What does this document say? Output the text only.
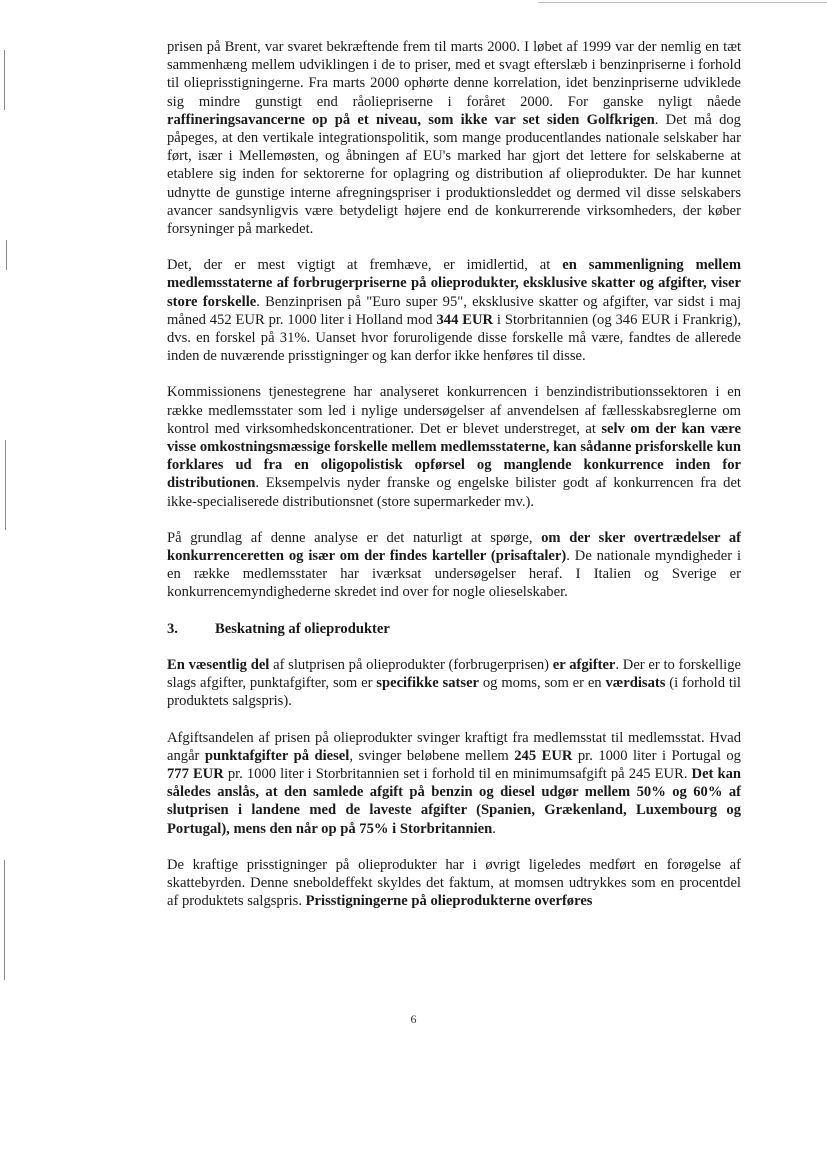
prisen på Brent, var svaret bekræftende frem til marts 2000. I løbet af 1999 var der nemlig en tæt sammenhæng mellem udviklingen i de to priser, med et svagt efterslæb i benzinpriserne i forhold til olieprisstigningerne. Fra marts 2000 ophørte denne korrelation, idet benzinpriserne udviklede sig mindre gunstigt end råoliepriserne i foråret 2000. For ganske nyligt nåede raffineringsavancerne op på et niveau, som ikke var set siden Golfkrigen. Det må dog påpeges, at den vertikale integrationspolitik, som mange producentlandes nationale selskaber har ført, især i Mellemøsten, og åbningen af EU's marked har gjort det lettere for selskaberne at etablere sig inden for sektorerne for oplagring og distribution af olieprodukter. De har kunnet udnytte de gunstige interne afregningspriser i produktionsleddet og dermed vil disse selskabers avancer sandsynligvis være betydeligt højere end de konkurrerende virksomheders, der køber forsyninger på markedet.

Det, der er mest vigtigt at fremhæve, er imidlertid, at en sammenligning mellem medlemsstaterne af forbrugerpriserne på olieprodukter, eksklusive skatter og afgifter, viser store forskelle. Benzinprisen på "Euro super 95", eksklusive skatter og afgifter, var sidst i maj måned 452 EUR pr. 1000 liter i Holland mod 344 EUR i Storbritannien (og 346 EUR i Frankrig), dvs. en forskel på 31%. Uanset hvor foruroligende disse forskelle må være, fandtes de allerede inden de nuværende prisstigninger og kan derfor ikke henføres til disse.

Kommissionens tjenestegrene har analyseret konkurrencen i benzindistributionssektoren i en række medlemsstater som led i nylige undersøgelser af anvendelsen af fællesskabsreglerne om kontrol med virksomhedskoncentrationer. Det er blevet understreget, at selv om der kan være visse omkostningsmæssige forskelle mellem medlemsstaterne, kan sådanne prisforskelle kun forklares ud fra en oligopolistisk opførsel og manglende konkurrence inden for distributionen. Eksempelvis nyder franske og engelske bilister godt af konkurrencen fra det ikke-specialiserede distributionsnet (store supermarkeder mv.).

På grundlag af denne analyse er det naturligt at spørge, om der sker overtrædelser af konkurrenceretten og især om der findes karteller (prisaftaler). De nationale myndigheder i en række medlemsstater har iværksat undersøgelser heraf. I Italien og Sverige er konkurrencemyndighederne skredet ind over for nogle olieselskaber.

3.	Beskatning af olieprodukter

En væsentlig del af slutprisen på olieprodukter (forbrugerprisen) er afgifter. Der er to forskellige slags afgifter, punktafgifter, som er specifikke satser og moms, som er en værdisats (i forhold til produktets salgspris).

Afgiftsandelen af prisen på olieprodukter svinger kraftigt fra medlemsstat til medlemsstat. Hvad angår punktafgifter på diesel, svinger beløbene mellem 245 EUR pr. 1000 liter i Portugal og 777 EUR pr. 1000 liter i Storbritannien set i forhold til en minimumsafgift på 245 EUR. Det kan således anslås, at den samlede afgift på benzin og diesel udgør mellem 50% og 60% af slutprisen i landene med de laveste afgifter (Spanien, Grækenland, Luxembourg og Portugal), mens den når op på 75% i Storbritannien.

De kraftige prisstigninger på olieprodukter har i øvrigt ligeledes medført en forøgelse af skattebyrden. Denne sneboldeffekt skyldes det faktum, at momsen udtrykkes som en procentdel af produktets salgspris. Prisstigningerne på olieprodukterne overføres

6
